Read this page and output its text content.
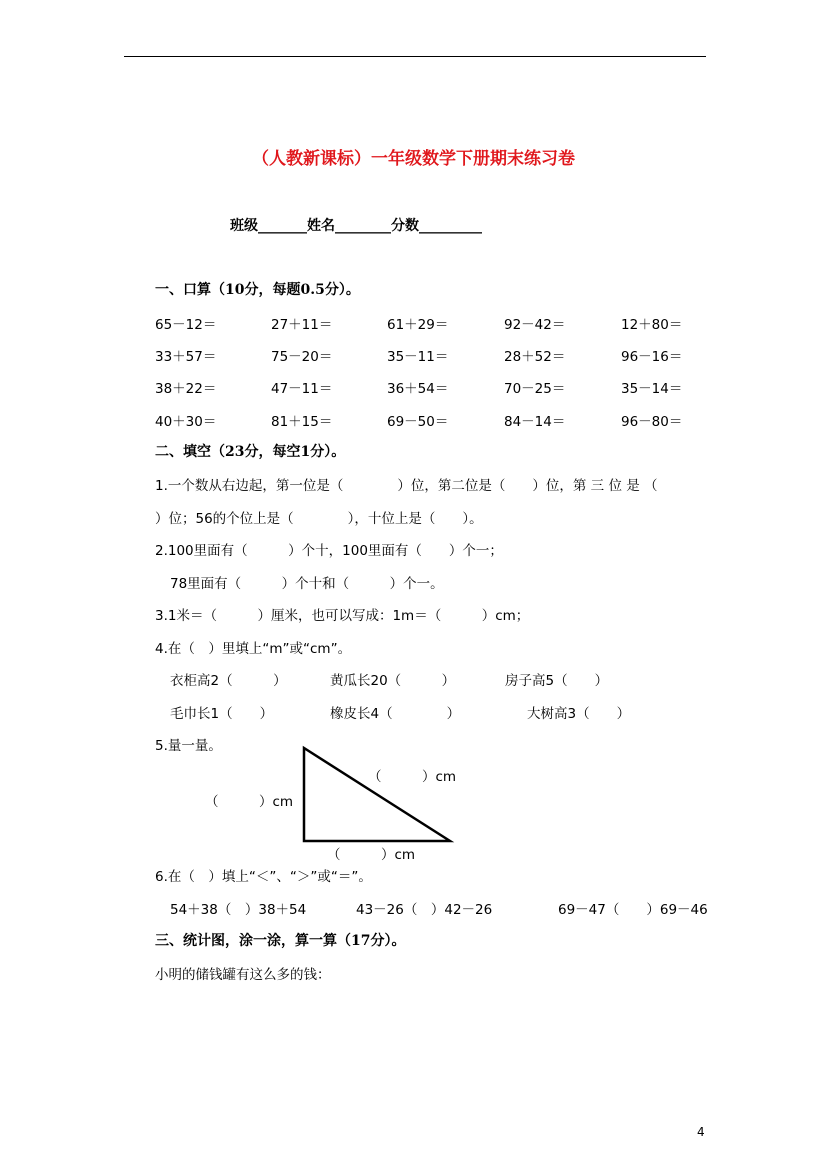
（人教新课标）一年级数学下册期末练习卷
班级_______姓名________分数_________
一、口算（10分，每题0.5分）。
65－12＝	27＋11＝	61＋29＝	92－42＝	12＋80＝
33＋57＝	75－20＝	35－11＝	28＋52＝	96－16＝
38＋22＝	47－11＝	36＋54＝	70－25＝	35－14＝
40＋30＝	81＋15＝	69－50＝	84－14＝	96－80＝
二、填空（23分，每空1分）。
1.一个数从右边起，第一位是（　　　　）位，第二位是（　　）位，第 三 位 是 （
）位；56的个位上是（　　　　），十位上是（　　）。
2.100里面有（　　　）个十，100里面有（　　）个一；
78里面有（　　　）个十和（　　　）个一。
3.1米＝（　　　）厘米，也可以写成：1m＝（　　　）cm；
4.在（　）里填上“m”或“cm”。
衣柜高2（　　　）	黄瓜长20（　　　）	房子高5（　　）
毛巾长1（　　）	橡皮长4（　　　　）	大树高3（　　）
5.量一量。
（　　　）cm
（　　　）cm
（　　　）cm
6.在（　）填上“＜”、“＞”或“＝”。
54＋38（　）38＋54	43－26（　）42－26	69－47（　　）69－46
三、统计图，涂一涂，算一算（17分）。
小明的储钱罐有这么多的钱：
4
